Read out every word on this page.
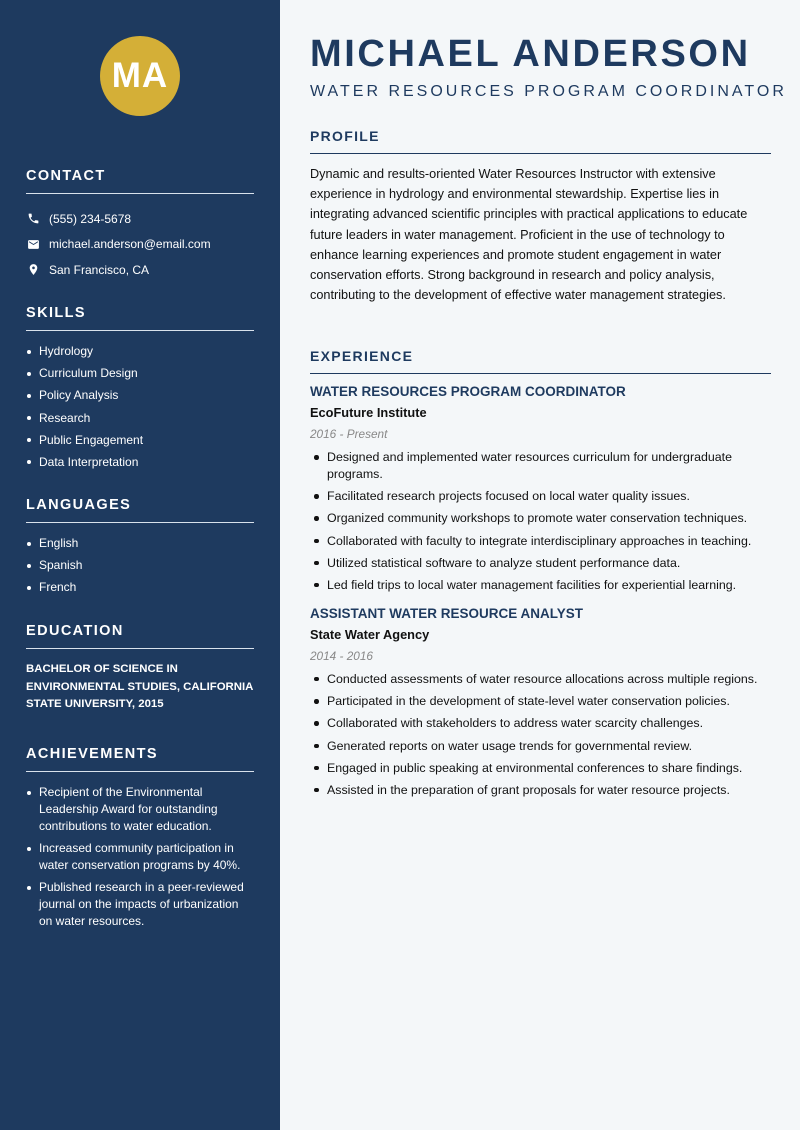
MA
CONTACT
(555) 234-5678
michael.anderson@email.com
San Francisco, CA
SKILLS
Hydrology
Curriculum Design
Policy Analysis
Research
Public Engagement
Data Interpretation
LANGUAGES
English
Spanish
French
EDUCATION
BACHELOR OF SCIENCE IN ENVIRONMENTAL STUDIES, CALIFORNIA STATE UNIVERSITY, 2015
ACHIEVEMENTS
Recipient of the Environmental Leadership Award for outstanding contributions to water education.
Increased community participation in water conservation programs by 40%.
Published research in a peer-reviewed journal on the impacts of urbanization on water resources.
MICHAEL ANDERSON
WATER RESOURCES PROGRAM COORDINATOR
PROFILE

Dynamic and results-oriented Water Resources Instructor with extensive experience in hydrology and environmental stewardship. Expertise lies in integrating advanced scientific principles with practical applications to educate future leaders in water management. Proficient in the use of technology to enhance learning experiences and promote student engagement in water conservation efforts. Strong background in research and policy analysis, contributing to the development of effective water management strategies.

EXPERIENCE
WATER RESOURCES PROGRAM COORDINATOR
EcoFuture Institute
2016 - Present
Designed and implemented water resources curriculum for undergraduate programs.
Facilitated research projects focused on local water quality issues.
Organized community workshops to promote water conservation techniques.
Collaborated with faculty to integrate interdisciplinary approaches in teaching.
Utilized statistical software to analyze student performance data.
Led field trips to local water management facilities for experiential learning.
ASSISTANT WATER RESOURCE ANALYST
State Water Agency
2014 - 2016
Conducted assessments of water resource allocations across multiple regions.
Participated in the development of state-level water conservation policies.
Collaborated with stakeholders to address water scarcity challenges.
Generated reports on water usage trends for governmental review.
Engaged in public speaking at environmental conferences to share findings.
Assisted in the preparation of grant proposals for water resource projects.
